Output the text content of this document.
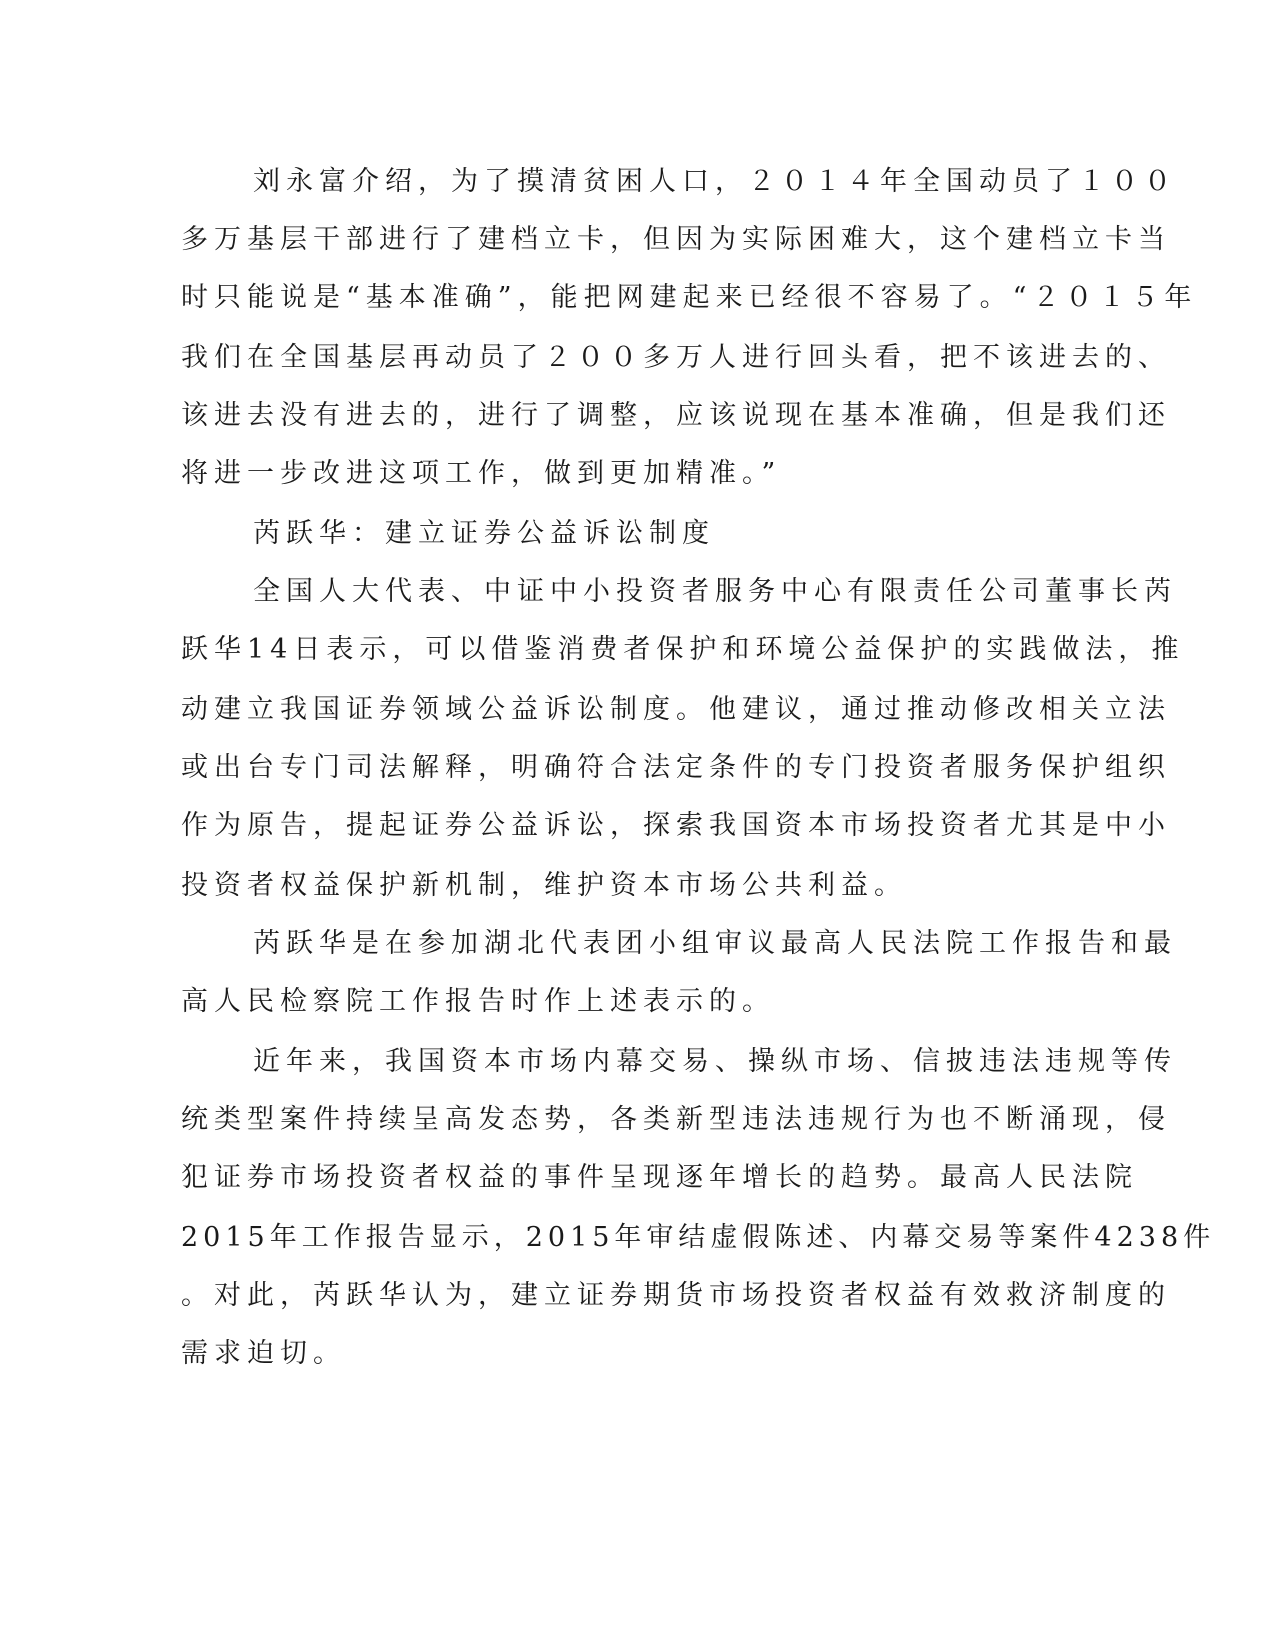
刘永富介绍，为了摸清贫困人口，２０１４年全国动员了１００
多万基层干部进行了建档立卡，但因为实际困难大，这个建档立卡当
时只能说是“基本准确”，能把网建起来已经很不容易了。“２０１５年
我们在全国基层再动员了２００多万人进行回头看，把不该进去的、
该进去没有进去的，进行了调整，应该说现在基本准确，但是我们还
将进一步改进这项工作，做到更加精准。”
芮跃华：建立证券公益诉讼制度
全国人大代表、中证中小投资者服务中心有限责任公司董事长芮
跃华14日表示，可以借鉴消费者保护和环境公益保护的实践做法，推
动建立我国证券领域公益诉讼制度。他建议，通过推动修改相关立法
或出台专门司法解释，明确符合法定条件的专门投资者服务保护组织
作为原告，提起证券公益诉讼，探索我国资本市场投资者尤其是中小
投资者权益保护新机制，维护资本市场公共利益。
芮跃华是在参加湖北代表团小组审议最高人民法院工作报告和最
高人民检察院工作报告时作上述表示的。
近年来，我国资本市场内幕交易、操纵市场、信披违法违规等传
统类型案件持续呈高发态势，各类新型违法违规行为也不断涌现，侵
犯证券市场投资者权益的事件呈现逐年增长的趋势。最高人民法院
2015年工作报告显示，2015年审结虚假陈述、内幕交易等案件4238件
。对此，芮跃华认为，建立证券期货市场投资者权益有效救济制度的
需求迫切。
